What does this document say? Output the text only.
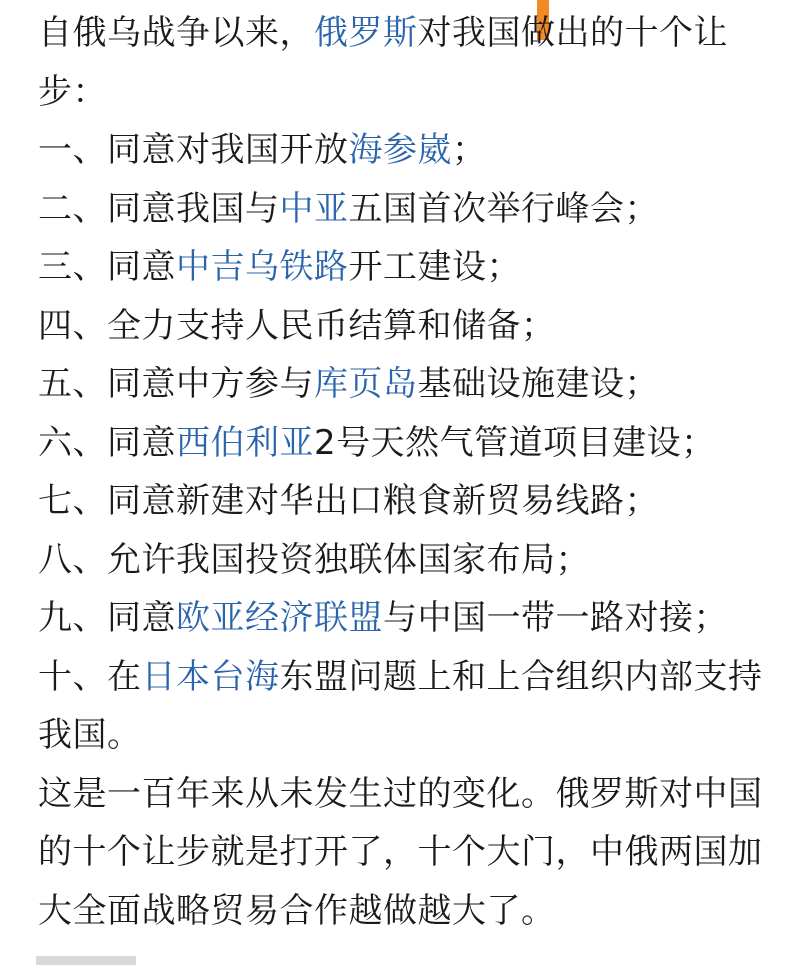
自俄乌战争以来，俄罗斯对我国做出的十个让步：

一、同意对我国开放海参崴；

二、同意我国与中亚五国首次举行峰会；

三、同意中吉乌铁路开工建设；

四、全力支持人民币结算和储备；

五、同意中方参与库页岛基础设施建设；

六、同意西伯利亚2号天然气管道项目建设；

七、同意新建对华出口粮食新贸易线路；

八、允许我国投资独联体国家布局；

九、同意欧亚经济联盟与中国一带一路对接；

十、在日本台海东盟问题上和上合组织内部支持我国。

这是一百年来从未发生过的变化。俄罗斯对中国的十个让步就是打开了，十个大门，中俄两国加大全面战略贸易合作越做越大了。
